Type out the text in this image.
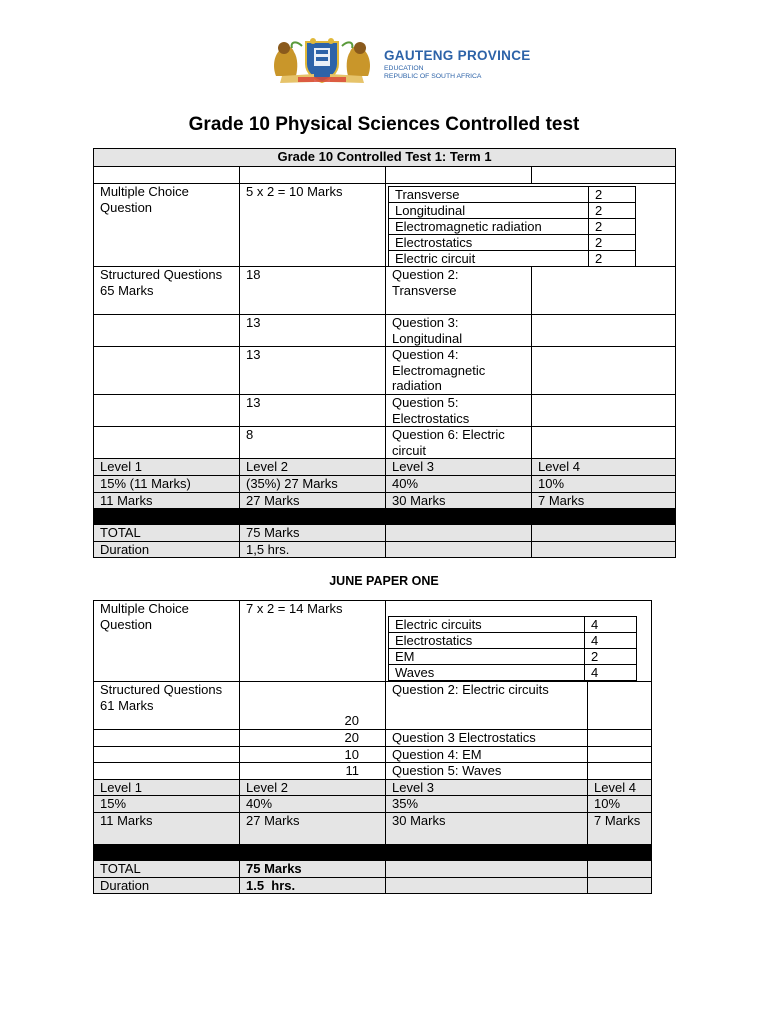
GAUTENG PROVINCE
EDUCATION
REPUBLIC OF SOUTH AFRICA
Grade 10 Physical Sciences Controlled test
Grade 10 Controlled Test 1: Term 1

Multiple Choice Question	5 x 2 = 10 Marks		Transverse	2
Longitudinal	2
Electromagnetic radiation	2
Electrostatics	2
Electric circuit	2

Structured Questions 65 Marks	18	Question 2: Transverse	
	13	Question 3: Longitudinal	
	13	Question 4: Electromagnetic radiation	
	13	Question 5: Electrostatics	
	8	Question 6: Electric circuit	
Level 1	Level 2	Level 3	Level 4
15% (11 Marks)	(35%) 27 Marks	40%	10%
11 Marks	27 Marks	30 Marks	7 Marks

TOTAL	75 Marks		
Duration	1,5 hrs.		
JUNE PAPER ONE
Multiple Choice Question	7 x 2 = 14 Marks	
Electric circuits	4
Electrostatics	4
EM	2
Waves	4

Structured Questions 61 Marks	20	Question 2: Electric circuits	
	20	Question 3 Electrostatics	
	10	Question 4: EM	
	11	Question 5: Waves	
Level 1	Level 2	Level 3	Level 4
15%	40%	35%	10%
11 Marks	27 Marks	30 Marks	7 Marks

TOTAL	75 Marks		
Duration	1.5  hrs.		
